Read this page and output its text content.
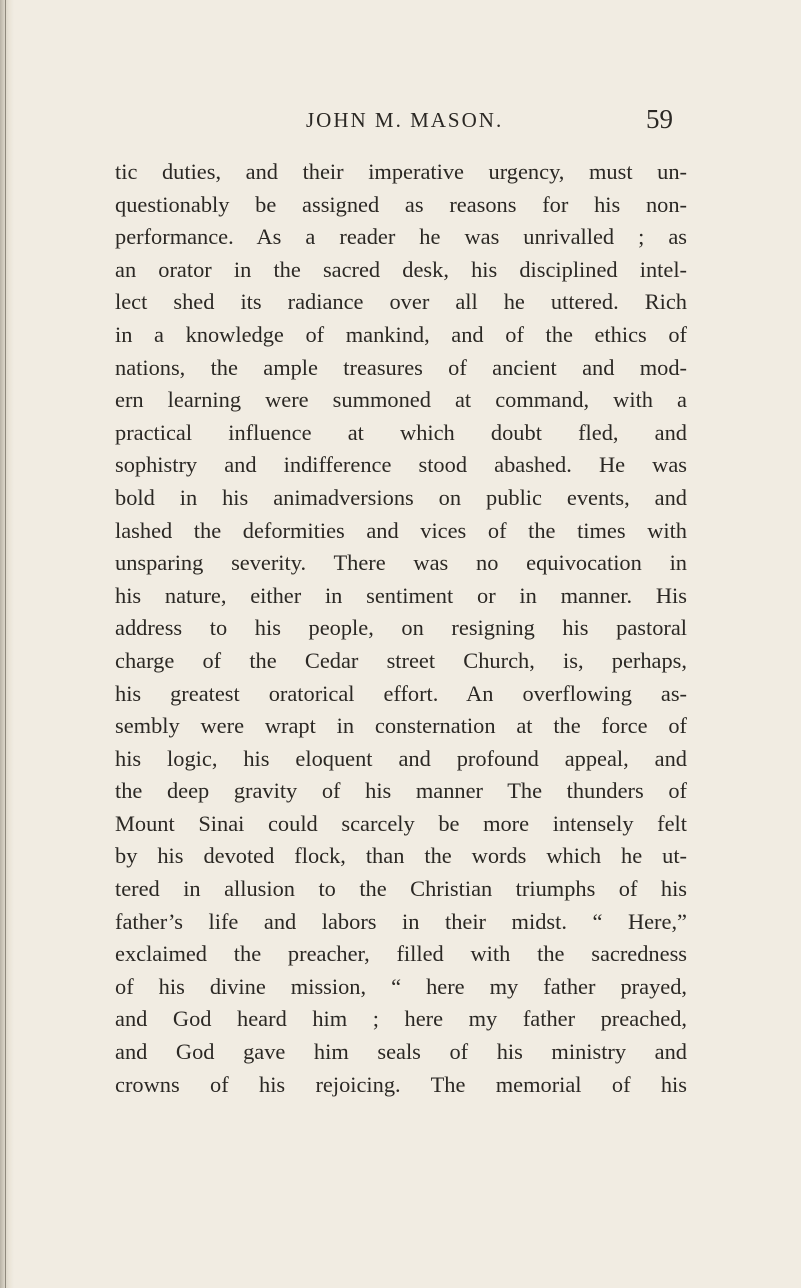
JOHN M. MASON.	59
tic duties, and their imperative urgency, must un-
questionably be assigned as reasons for his non-
performance. As a reader he was unrivalled ; as
an orator in the sacred desk, his disciplined intel-
lect shed its radiance over all he uttered. Rich
in a knowledge of mankind, and of the ethics of
nations, the ample treasures of ancient and mod-
ern learning were summoned at command, with a
practical influence at which doubt fled, and
sophistry and indifference stood abashed. He was
bold in his animadversions on public events, and
lashed the deformities and vices of the times with
unsparing severity. There was no equivocation in
his nature, either in sentiment or in manner. His
address to his people, on resigning his pastoral
charge of the Cedar street Church, is, perhaps,
his greatest oratorical effort. An overflowing as-
sembly were wrapt in consternation at the force of
his logic, his eloquent and profound appeal, and
the deep gravity of his manner The thunders of
Mount Sinai could scarcely be more intensely felt
by his devoted flock, than the words which he ut-
tered in allusion to the Christian triumphs of his
father’s life and labors in their midst. “ Here,”
exclaimed the preacher, filled with the sacredness
of his divine mission, “ here my father prayed,
and God heard him ; here my father preached,
and God gave him seals of his ministry and
crowns of his rejoicing. The memorial of his
